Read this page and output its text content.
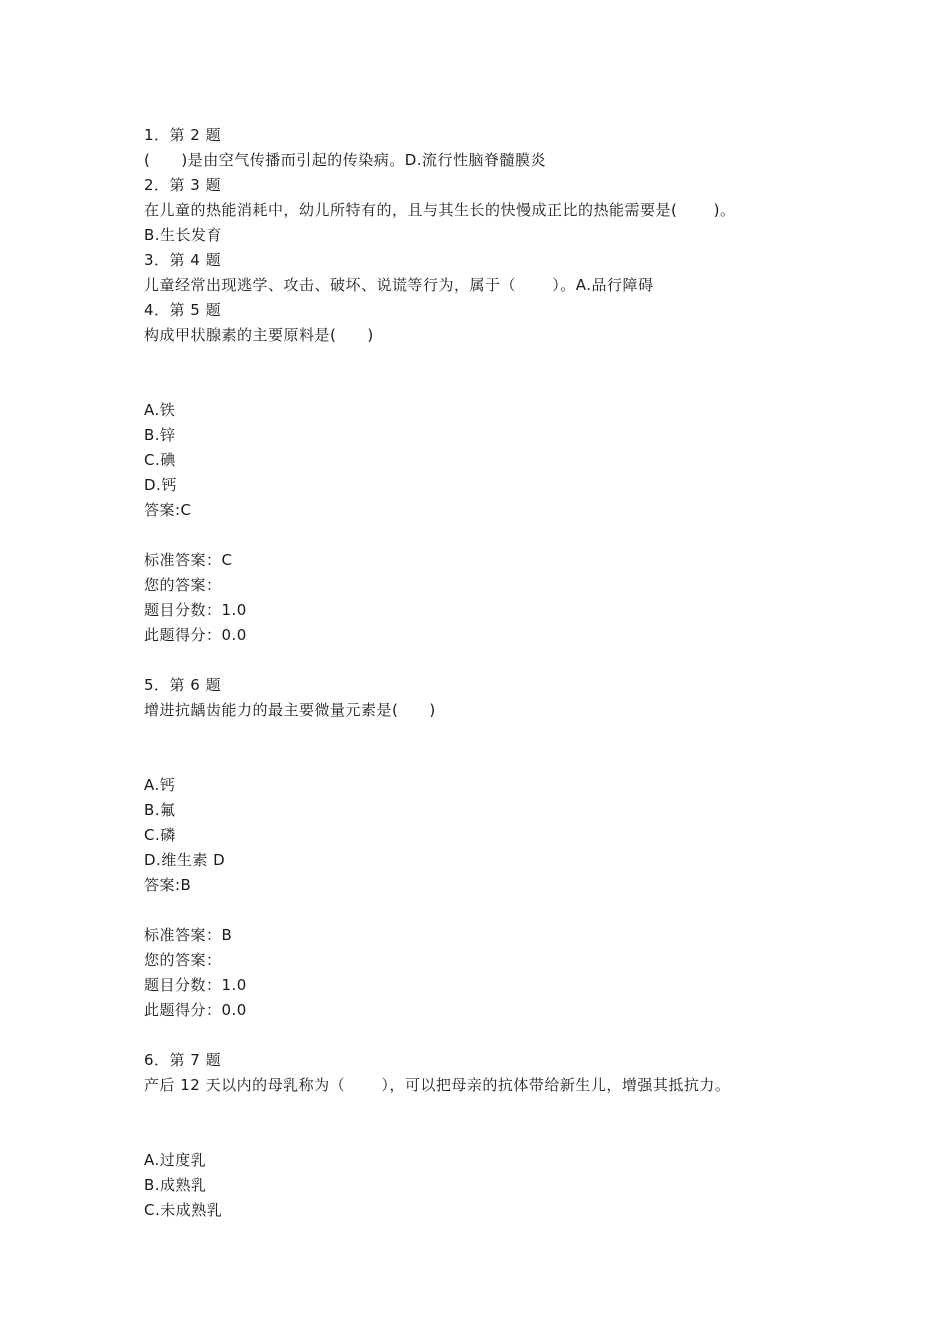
1．第 2 题
(　　)是由空气传播而引起的传染病。D.流行性脑脊髓膜炎
2．第 3 题
在儿童的热能消耗中，幼儿所特有的，且与其生长的快慢成正比的热能需要是(　　 )。
B.生长发育
3．第 4 题
儿童经常出现逃学、攻击、破坏、说谎等行为，属于（　　 ）。A.品行障碍
4．第 5 题
构成甲状腺素的主要原料是(　　)
A.铁
B.锌
C.碘
D.钙
答案:C
标准答案：C
您的答案：
题目分数：1.0
此题得分：0.0
5．第 6 题
增进抗龋齿能力的最主要微量元素是(　　)
A.钙
B.氟
C.磷
D.维生素 D
答案:B
标准答案：B
您的答案：
题目分数：1.0
此题得分：0.0
6．第 7 题
产后 12 天以内的母乳称为（　　 ），可以把母亲的抗体带给新生儿，增强其抵抗力。
A.过度乳
B.成熟乳
C.未成熟乳
